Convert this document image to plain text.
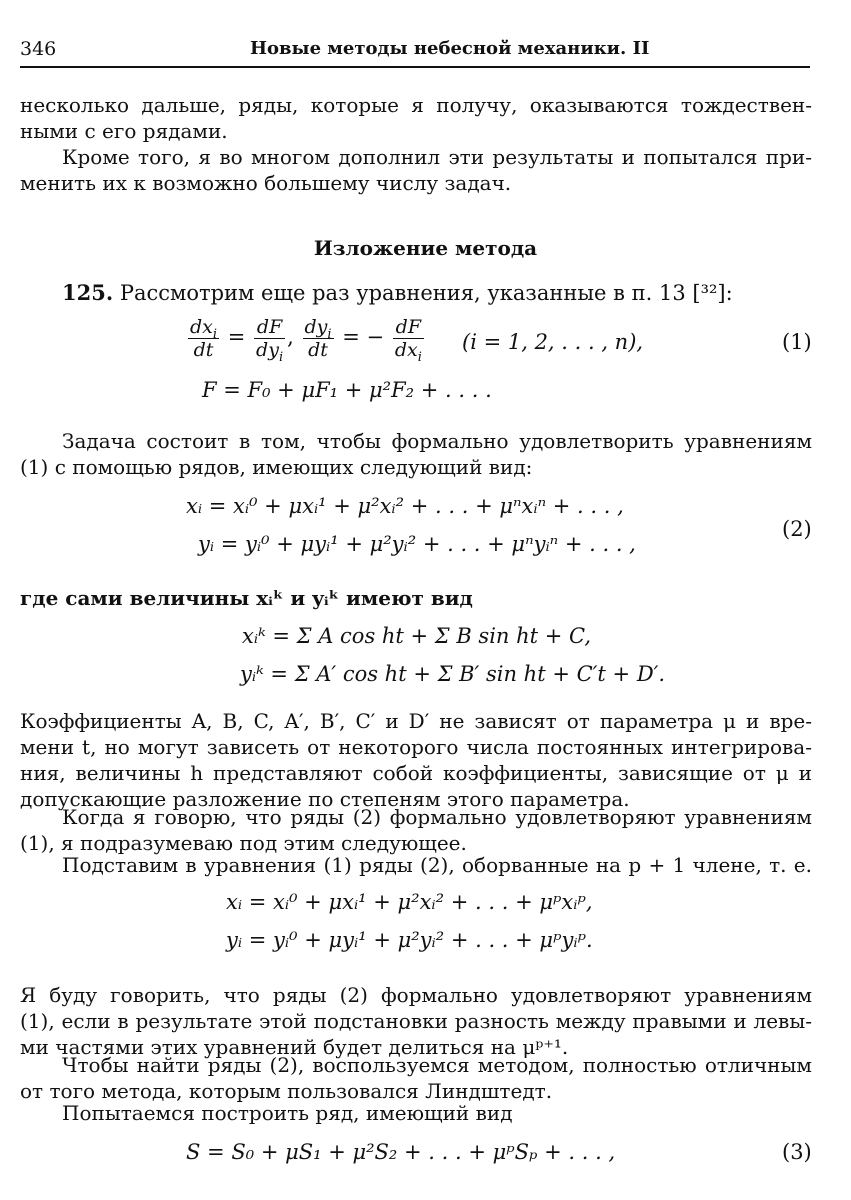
346	Новые методы небесной механики. II
несколько дальше, ряды, которые я получу, оказываются тождествен-
ными с его рядами.
Кроме того, я во многом дополнил эти результаты и попытался при-
менить их к возможно большему числу задач.
Изложение метода
125. Рассмотрим еще раз уравнения, указанные в п. 13 [³²]:
$\frac{dx_i}{dt} = \frac{dF}{dy_i}$ , $\frac{dy_i}{dt}$ = − $\frac{dF}{dx_i} (i = 1$, 2, . . . , n),	(1)
F = F₀ + μF₁ + μ²F₂ + . . . .
Задача состоит в том, чтобы формально удовлетворить уравнениям
(1) с помощью рядов, имеющих следующий вид:
xᵢ = xᵢ⁰ + μxᵢ¹ + μ²xᵢ² + . . . + μⁿxᵢⁿ + . . . ,
yᵢ = yᵢ⁰ + μyᵢ¹ + μ²yᵢ² + . . . + μⁿyᵢⁿ + . . . ,
(2)
где сами величины xᵢᵏ и yᵢᵏ имеют вид
xᵢᵏ = Σ A cos ht + Σ B sin ht + C,
yᵢᵏ = Σ A′ cos ht + Σ B′ sin ht + C′t + D′.
Коэффициенты A, B, C, A′, B′, C′ и D′ не зависят от параметра μ и вре-
мени t, но могут зависеть от некоторого числа постоянных интегрирова-
ния, величины h представляют собой коэффициенты, зависящие от μ и
допускающие разложение по степеням этого параметра.
Когда я говорю, что ряды (2) формально удовлетворяют уравнениям
(1), я подразумеваю под этим следующее.
Подставим в уравнения (1) ряды (2), оборванные на p + 1 члене, т. е.
xᵢ = xᵢ⁰ + μxᵢ¹ + μ²xᵢ² + . . . + μᵖxᵢᵖ,
yᵢ = yᵢ⁰ + μyᵢ¹ + μ²yᵢ² + . . . + μᵖyᵢᵖ.
Я буду говорить, что ряды (2) формально удовлетворяют уравнениям
(1), если в результате этой подстановки разность между правыми и левы-
ми частями этих уравнений будет делиться на μᵖ⁺¹.
Чтобы найти ряды (2), воспользуемся методом, полностью отличным
от того метода, которым пользовался Линдштедт.
Попытаемся построить ряд, имеющий вид
S = S₀ + μS₁ + μ²S₂ + . . . + μᵖSₚ + . . . ,	(3)
